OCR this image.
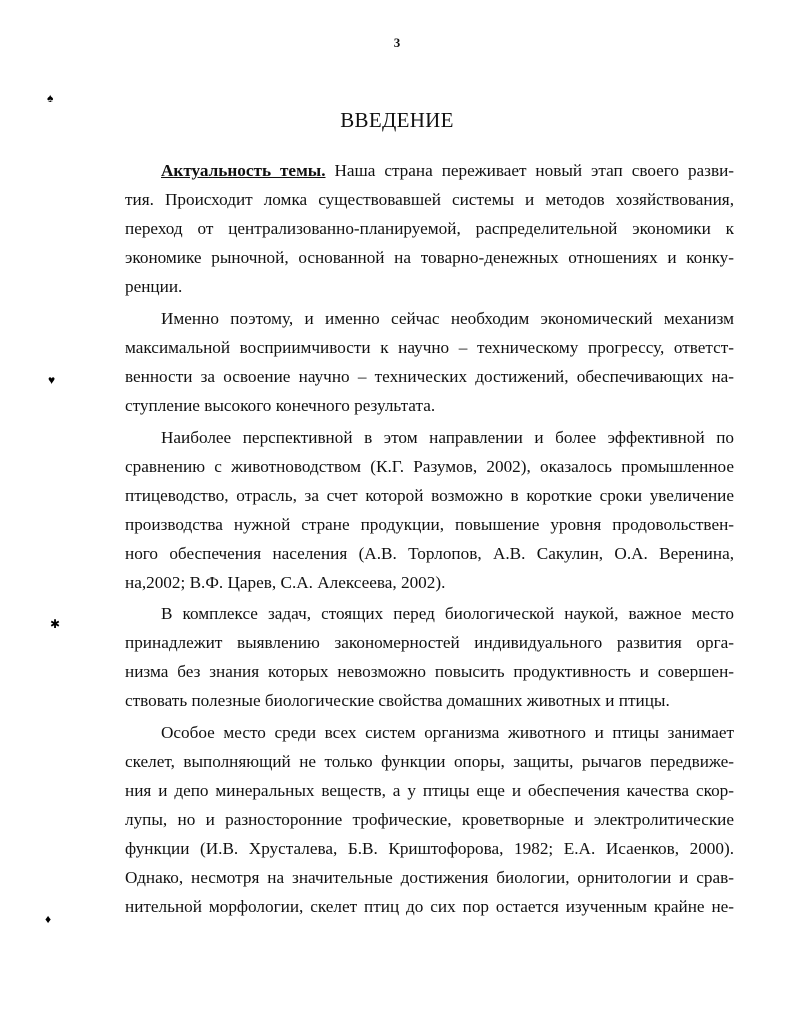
3
♠
♥
✱
♦
ВВЕДЕНИЕ
Актуальность темы. Наша страна переживает новый этап своего разви-
тия. Происходит ломка существовавшей системы и методов хозяйствования,
переход от централизованно-планируемой, распределительной экономики к
экономике рыночной, основанной на товарно-денежных отношениях и конку-
ренции.
Именно поэтому, и именно сейчас необходим экономический механизм
максимальной восприимчивости к научно – техническому прогрессу, ответст-
венности за освоение научно – технических достижений, обеспечивающих на-
ступление высокого конечного результата.
Наиболее перспективной в этом направлении и более эффективной по
сравнению с животноводством (К.Г. Разумов, 2002), оказалось промышленное
птицеводство, отрасль, за счет которой возможно в короткие сроки увеличение
производства нужной стране продукции, повышение уровня продовольствен-
ного обеспечения населения (А.В. Торлопов, А.В. Сакулин, О.А. Веренина,
на,2002; В.Ф. Царев, С.А. Алексеева, 2002).
В комплексе задач, стоящих перед биологической наукой, важное место
принадлежит выявлению закономерностей индивидуального развития орга-
низма без знания которых невозможно повысить продуктивность и совершен-
ствовать полезные биологические свойства домашних животных и птицы.
Особое место среди всех систем организма животного и птицы занимает
скелет, выполняющий не только функции опоры, защиты, рычагов передвиже-
ния и депо минеральных веществ, а у птицы еще и обеспечения качества скор-
лупы, но и разносторонние трофические, кроветворные и электролитические
функции (И.В. Хрусталева, Б.В. Криштофорова, 1982; Е.А. Исаенков, 2000).
Однако, несмотря на значительные достижения биологии, орнитологии и срав-
нительной морфологии, скелет птиц до сих пор остается изученным крайне не-
